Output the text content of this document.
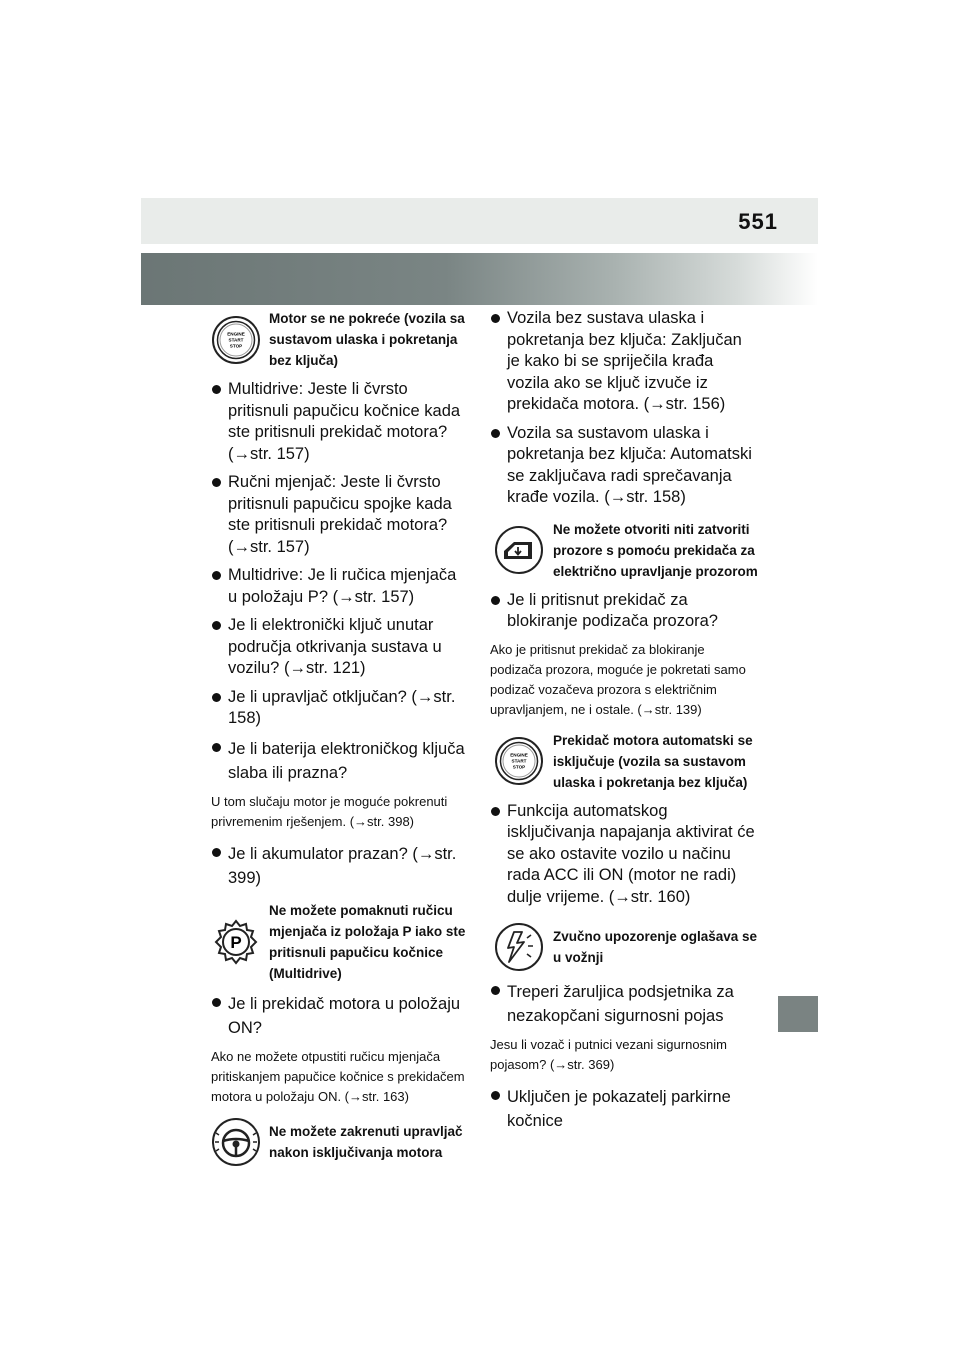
551
ENGINE
START
STOP
Motor se ne pokreće (vozila sa sustavom ulaska i pokretanja bez ključa)
Multidrive: Jeste li čvrsto pritisnuli papučicu kočnice kada ste pritisnuli prekidač motora? (→str. 157)
Ručni mjenjač: Jeste li čvrsto pritisnuli papučicu spojke kada ste pritisnuli prekidač motora? (→str. 157)
Multidrive: Je li ručica mjenjača u položaju P? (→str. 157)
Je li elektronički ključ unutar područja otkrivanja sustava u vozilu? (→str. 121)
Je li upravljač otključan? (→str. 158)
Je li baterija elektroničkog ključa slaba ili prazna?
U tom slučaju motor je moguće pokrenuti privremenim rješenjem. (→str. 398)
Je li akumulator prazan? (→str. 399)
P
Ne možete pomaknuti ručicu mjenjača iz položaja P iako ste pritisnuli papučicu kočnice (Multidrive)
Je li prekidač motora u položaju ON?
Ako ne možete otpustiti ručicu mjenjača pritiskanjem papučice kočnice s prekidačem motora u položaju ON. (→str. 163)
Ne možete zakrenuti upravljač nakon isključivanja motora
Vozila bez sustava ulaska i pokretanja bez ključa: Zaključan je kako bi se spriječila krađa vozila ako se ključ izvuče iz prekidača motora. (→str. 156)
Vozila sa sustavom ulaska i pokretanja bez ključa: Automatski se zaključava radi sprečavanja krađe vozila. (→str. 158)
Ne možete otvoriti niti zatvoriti prozore s pomoću prekidača za električno upravljanje prozorom
Je li pritisnut prekidač za blokiranje podizača prozora?
Ako je pritisnut prekidač za blokiranje podizača prozora, moguće je pokretati samo podizač vozačeva prozora s električnim upravljanjem, ne i ostale. (→str. 139)
ENGINE
START
STOP
Prekidač motora automatski se isključuje (vozila sa sustavom ulaska i pokretanja bez ključa)
Funkcija automatskog isključivanja napajanja aktivirat će se ako ostavite vozilo u načinu rada ACC ili ON (motor ne radi) dulje vrijeme. (→str. 160)
Zvučno upozorenje oglašava se u vožnji
Treperi žaruljica podsjetnika za nezakopčani sigurnosni pojas
Jesu li vozač i putnici vezani sigurnosnim pojasom? (→str. 369)
Uključen je pokazatelj parkirne kočnice
